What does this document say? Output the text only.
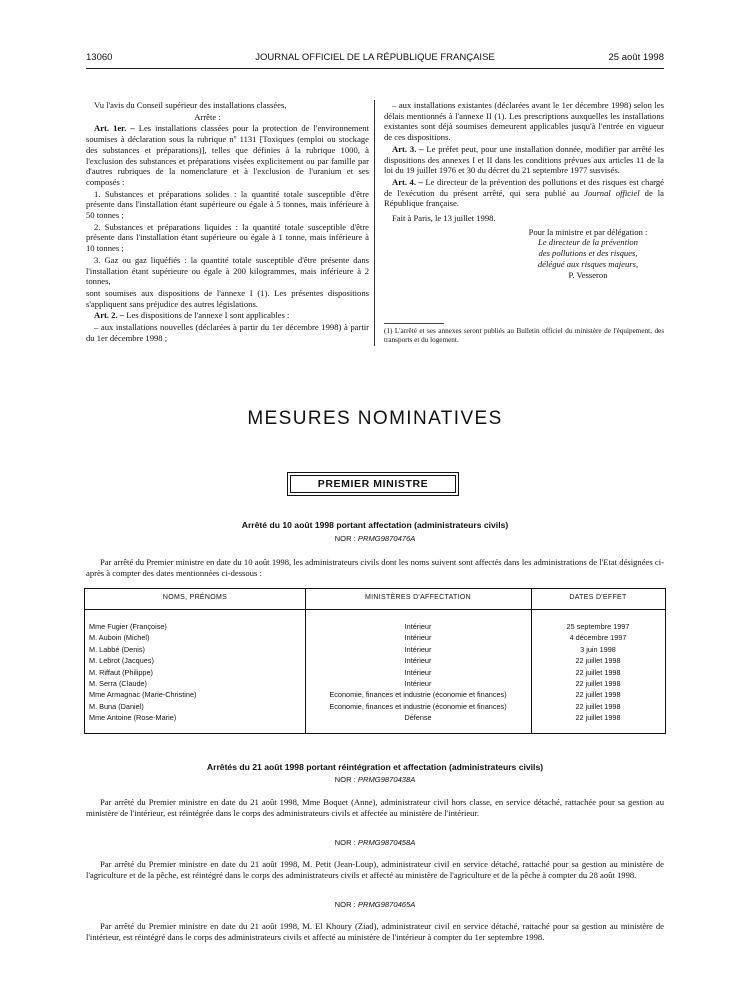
13060	JOURNAL OFFICIEL DE LA RÉPUBLIQUE FRANÇAISE	25 août 1998

Vu l'avis du Conseil supérieur des installations classées,

Arrête :

Art. 1er. – Les installations classées pour la protection de l'environnement soumises à déclaration sous la rubrique nº 1131 [Toxiques (emploi ou stockage des substances et préparations)], telles que définies à la rubrique 1000, à l'exclusion des substances et préparations visées explicitement ou par famille par d'autres rubriques de la nomenclature et à l'exclusion de l'uranium et ses composés :

1. Substances et préparations solides : la quantité totale susceptible d'être présente dans l'installation étant supérieure ou égale à 5 tonnes, mais inférieure à 50 tonnes ;

2. Substances et préparations liquides : la quantité totale susceptible d'être présente dans l'installation étant supérieure ou égale à 1 tonne, mais inférieure à 10 tonnes ;

3. Gaz ou gaz liquéfiés : la quantité totale susceptible d'être présente dans l'installation étant supérieure ou égale à 200 kilogrammes, mais inférieure à 2 tonnes,

sont soumises aux dispositions de l'annexe I (1). Les présentes dispositions s'appliquent sans préjudice des autres législations.

Art. 2. – Les dispositions de l'annexe I sont applicables :

– aux installations nouvelles (déclarées à partir du 1er décembre 1998) à partir du 1er décembre 1998 ;

– aux installations existantes (déclarées avant le 1er décembre 1998) selon les délais mentionnés à l'annexe II (1). Les prescriptions auxquelles les installations existantes sont déjà soumises demeurent applicables jusqu'à l'entrée en vigueur de ces dispositions.

Art. 3. – Le préfet peut, pour une installation donnée, modifier par arrêté les dispositions des annexes I et II dans les conditions prévues aux articles 11 de la loi du 19 juillet 1976 et 30 du décret du 21 septembre 1977 susvisés.

Art. 4. – Le directeur de la prévention des pollutions et des risques est chargé de l'exécution du présent arrêté, qui sera publié au Journal officiel de la République française.

Fait à Paris, le 13 juillet 1998.

Pour la ministre et par délégation :
Le directeur de la prévention
des pollutions et des risques,
délégué aux risques majeurs,
P. Vesseron
(1) L'arrêté et ses annexes seront publiés au Bulletin officiel du ministère de l'équipement, des transports et du logement.
MESURES NOMINATIVES
PREMIER MINISTRE
Arrêté du 10 août 1998 portant affectation (administrateurs civils)
NOR : PRMG9870476A
Par arrêté du Premier ministre en date du 10 août 1998, les administrateurs civils dont les noms suivent sont affectés dans les administrations de l'Etat désignées ci-après à compter des dates mentionnées ci-dessous :
NOMS, PRÉNOMS	MINISTÈRES D'AFFECTATION	DATES D'EFFET
Mme Fugier (Françoise)	Intérieur	25 septembre 1997
M. Auboin (Michel)	Intérieur	4 décembre 1997
M. Labbé (Denis)	Intérieur	3 juin 1998
M. Lebrot (Jacques)	Intérieur	22 juillet 1998
M. Riffaut (Philippe)	Intérieur	22 juillet 1998
M. Serra (Claude)	Intérieur	22 juillet 1998
Mme Armagnac (Marie-Christine)	Economie, finances et industrie (économie et finances)	22 juillet 1998
M. Buna (Daniel)	Economie, finances et industrie (économie et finances)	22 juillet 1998
Mme Antoine (Rose-Marie)	Défense	22 juillet 1998
Arrêtés du 21 août 1998 portant réintégration et affectation (administrateurs civils)
NOR : PRMG9870438A
Par arrêté du Premier ministre en date du 21 août 1998, Mme Boquet (Anne), administrateur civil hors classe, en service détaché, rattachée pour sa gestion au ministère de l'intérieur, est réintégrée dans le corps des administrateurs civils et affectée au ministère de l'intérieur.
NOR : PRMG9870458A
Par arrêté du Premier ministre en date du 21 août 1998, M. Petit (Jean-Loup), administrateur civil en service détaché, rattaché pour sa gestion au ministère de l'agriculture et de la pêche, est réintégré dans le corps des administrateurs civils et affecté au ministère de l'agriculture et de la pêche à compter du 28 août 1998.
NOR : PRMG9870465A
Par arrêté du Premier ministre en date du 21 août 1998, M. El Khoury (Ziad), administrateur civil en service détaché, rattaché pour sa gestion au ministère de l'intérieur, est réintégré dans le corps des administrateurs civils et affecté au ministère de l'intérieur à compter du 1er septembre 1998.
